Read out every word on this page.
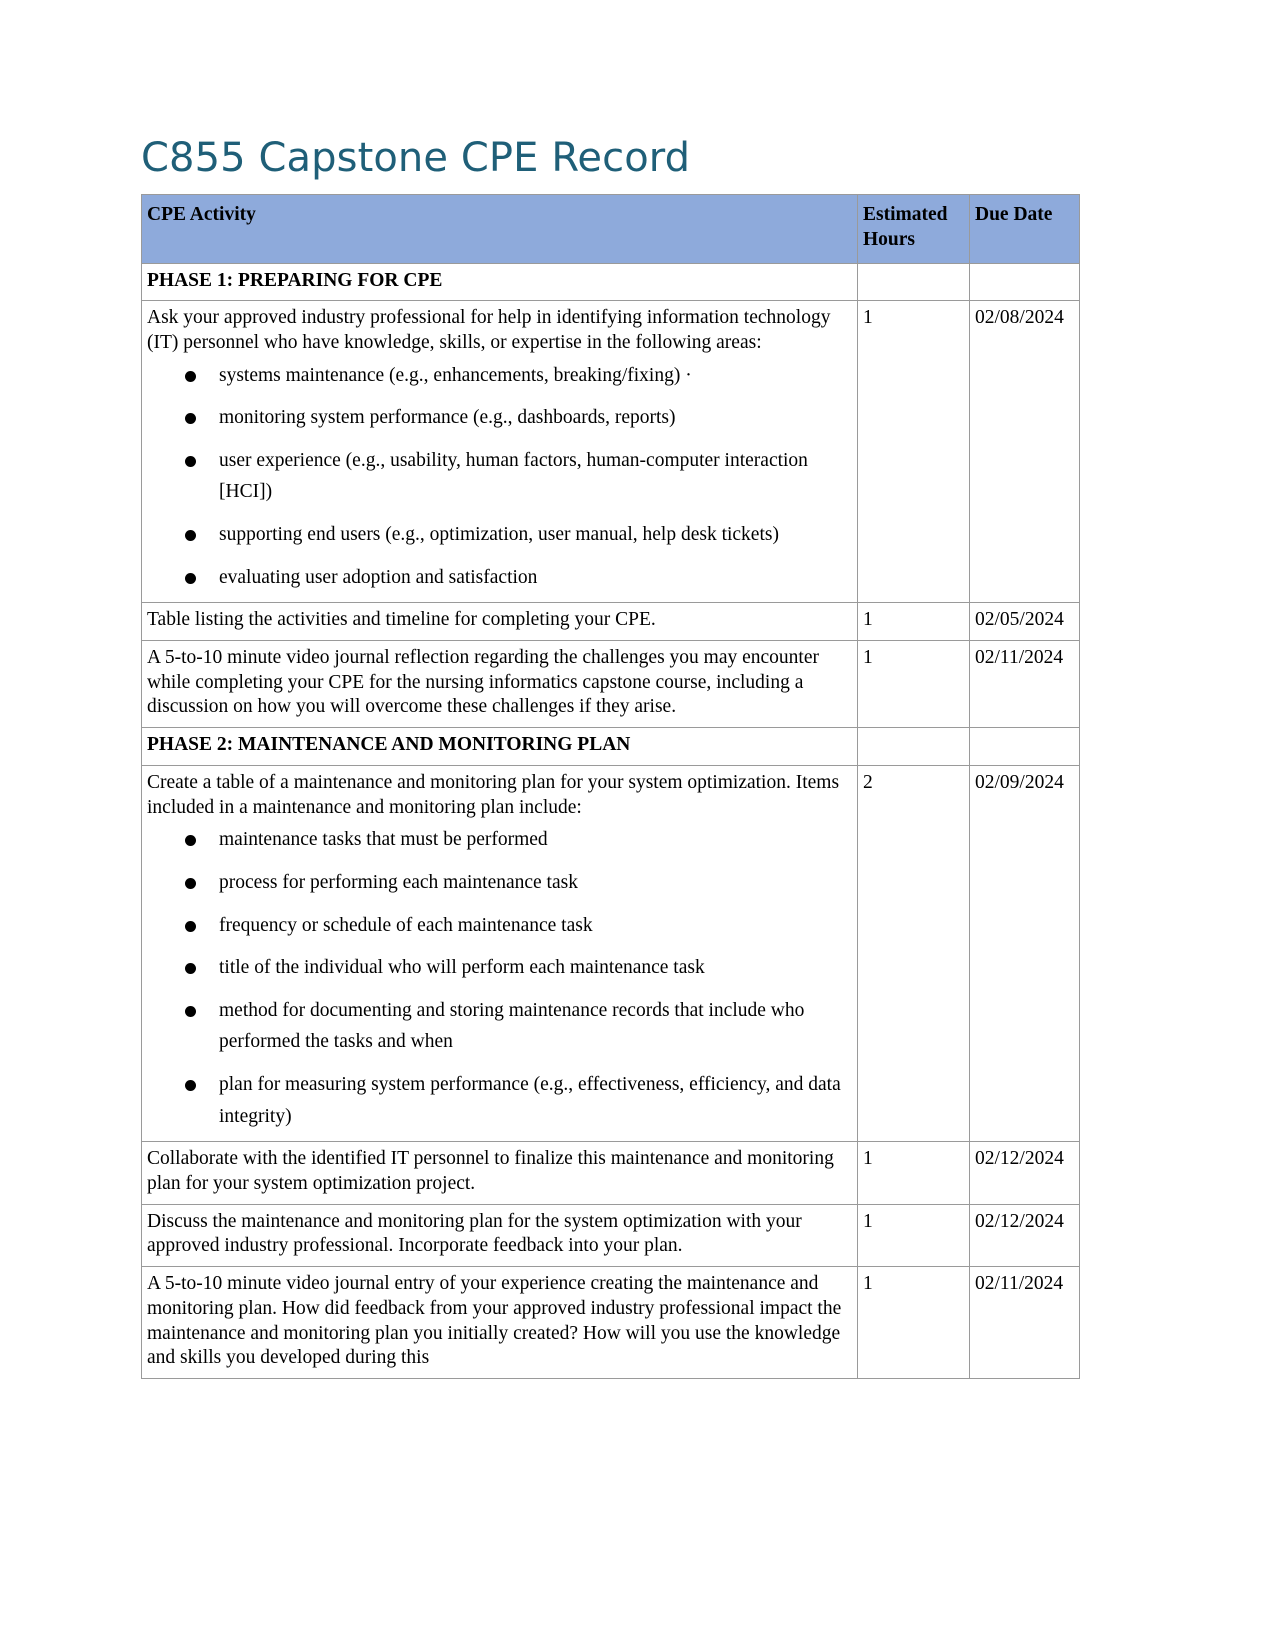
C855 Capstone CPE Record
CPE Activity	Estimated Hours	Due Date

PHASE 1: PREPARING FOR CPE		

Ask your approved industry professional for help in identifying information technology (IT) personnel who have knowledge, skills, or expertise in the following areas:

systems maintenance (e.g., enhancements, breaking/fixing) ·
monitoring system performance (e.g., dashboards, reports)
user experience (e.g., usability, human factors, human-computer interaction [HCI])
supporting end users (e.g., optimization, user manual, help desk tickets)
evaluating user adoption and satisfaction
	1	02/08/2024

Table listing the activities and timeline for completing your CPE.	1	02/05/2024

A 5-to-10 minute video journal reflection regarding the challenges you may encounter while completing your CPE for the nursing informatics capstone course, including a discussion on how you will overcome these challenges if they arise.	1	02/11/2024

PHASE 2: MAINTENANCE AND MONITORING PLAN		

Create a table of a maintenance and monitoring plan for your system optimization. Items included in a maintenance and monitoring plan include:

maintenance tasks that must be performed
process for performing each maintenance task
frequency or schedule of each maintenance task
title of the individual who will perform each maintenance task
method for documenting and storing maintenance records that include who performed the tasks and when
plan for measuring system performance (e.g., effectiveness, efficiency, and data integrity)
	2	02/09/2024

Collaborate with the identified IT personnel to finalize this maintenance and monitoring plan for your system optimization project.	1	02/12/2024

Discuss the maintenance and monitoring plan for the system optimization with your approved industry professional. Incorporate feedback into your plan.	1	02/12/2024

A 5-to-10 minute video journal entry of your experience creating the maintenance and monitoring plan. How did feedback from your approved industry professional impact the maintenance and monitoring plan you initially created? How will you use the knowledge and skills you developed during this	1	02/11/2024
